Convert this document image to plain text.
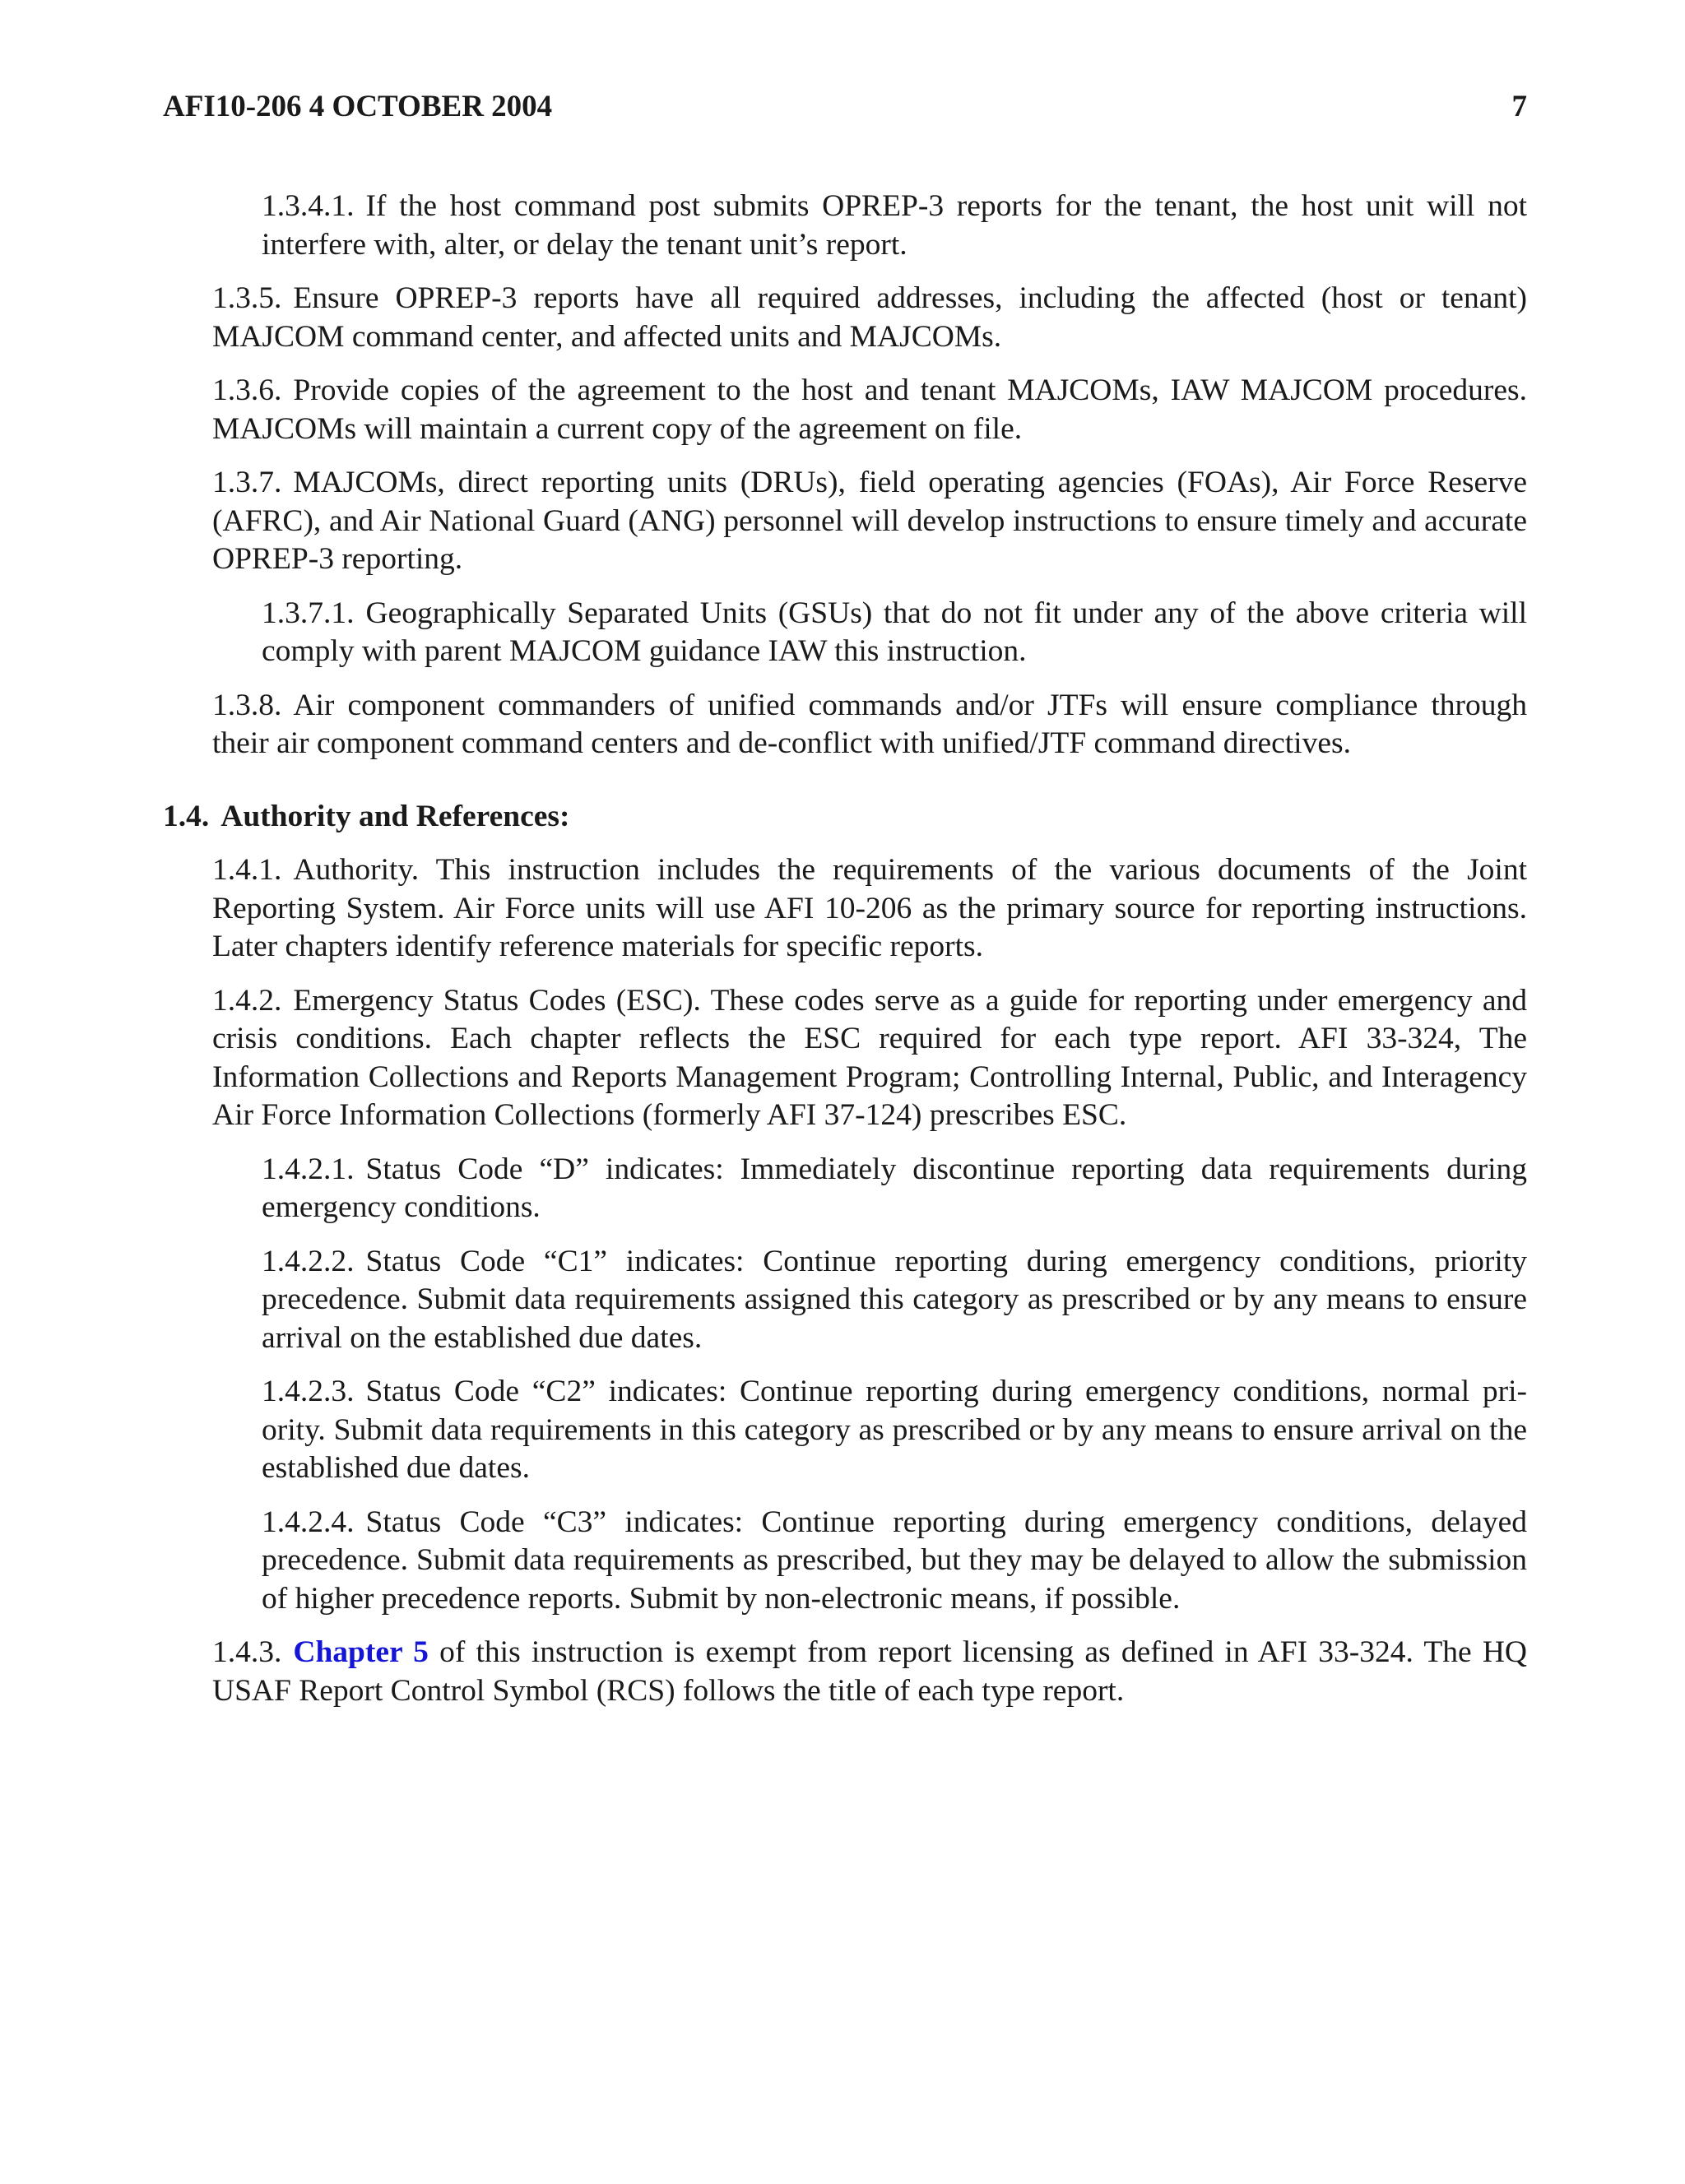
AFI10-206 4 OCTOBER 2004	7

1.3.4.1. If the host command post submits OPREP-3 reports for the tenant, the host unit will not interfere with, alter, or delay the tenant unit’s report.

1.3.5. Ensure OPREP-3 reports have all required addresses, including the affected (host or tenant) MAJCOM command center, and affected units and MAJCOMs.

1.3.6. Provide copies of the agreement to the host and tenant MAJCOMs, IAW MAJCOM procedures. MAJCOMs will maintain a current copy of the agreement on file.

1.3.7. MAJCOMs, direct reporting units (DRUs), field operating agencies (FOAs), Air Force Reserve (AFRC), and Air National Guard (ANG) personnel will develop instructions to ensure timely and accurate OPREP-3 reporting.

1.3.7.1. Geographically Separated Units (GSUs) that do not fit under any of the above criteria will comply with parent MAJCOM guidance IAW this instruction.

1.3.8. Air component commanders of unified commands and/or JTFs will ensure compliance through their air component command centers and de-conflict with unified/JTF command directives.

1.4. Authority and References:

1.4.1. Authority. This instruction includes the requirements of the various documents of the Joint Reporting System. Air Force units will use AFI 10-206 as the primary source for reporting instructions. Later chapters identify reference materials for specific reports.

1.4.2. Emergency Status Codes (ESC). These codes serve as a guide for reporting under emergency and crisis conditions. Each chapter reflects the ESC required for each type report. AFI 33-324, The Information Collections and Reports Management Program; Controlling Internal, Public, and Interagency Air Force Information Collections (formerly AFI 37-124) prescribes ESC.

1.4.2.1. Status Code “D” indicates: Immediately discontinue reporting data requirements during emergency conditions.

1.4.2.2. Status Code “C1” indicates: Continue reporting during emergency conditions, priority precedence. Submit data requirements assigned this category as prescribed or by any means to ensure arrival on the established due dates.

1.4.2.3. Status Code “C2” indicates: Continue reporting during emergency conditions, normal priority. Submit data requirements in this category as prescribed or by any means to ensure arrival on the established due dates.

1.4.2.4. Status Code “C3” indicates: Continue reporting during emergency conditions, delayed precedence. Submit data requirements as prescribed, but they may be delayed to allow the submission of higher precedence reports. Submit by non-electronic means, if possible.

1.4.3. Chapter 5 of this instruction is exempt from report licensing as defined in AFI 33-324. The HQ USAF Report Control Symbol (RCS) follows the title of each type report.
